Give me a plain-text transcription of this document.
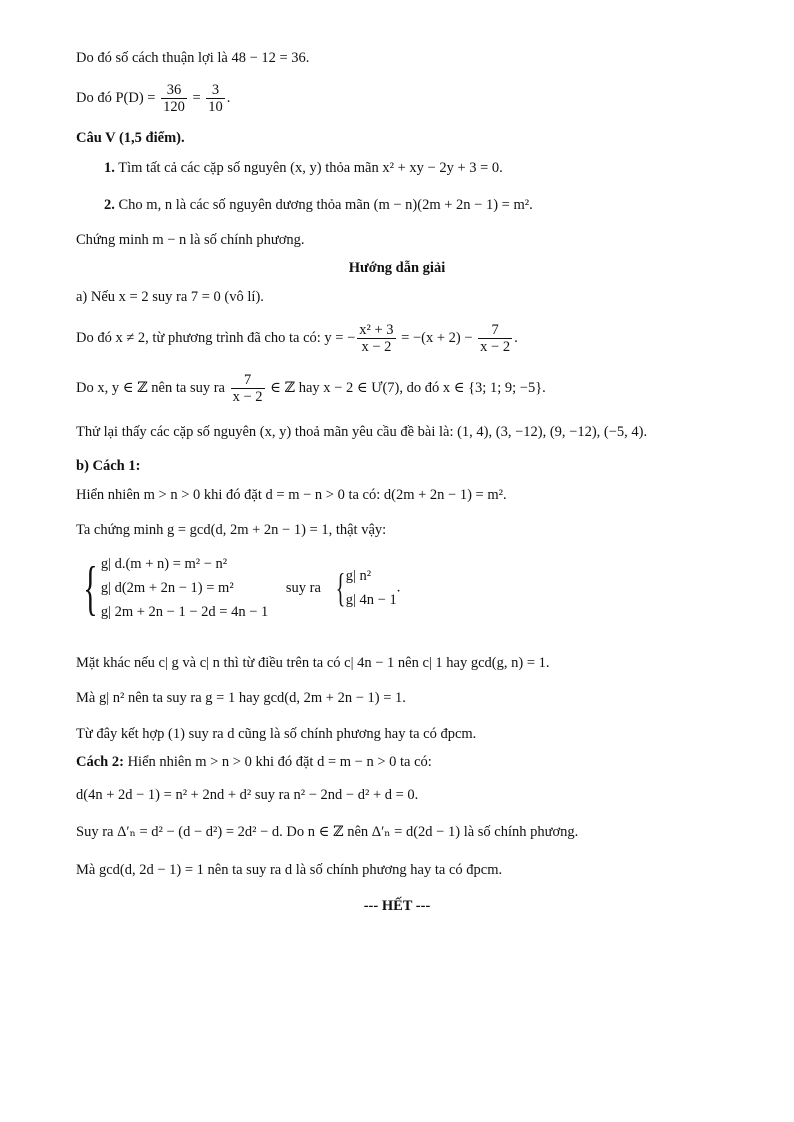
Do đó số cách thuận lợi là 48 − 12 = 36.
Do đó $P(D) = \frac{36}{120} = \frac{3}{10}$ .
Câu V (1,5 điểm).
1. Tìm tất cả các cặp số nguyên (x, y) thỏa mãn x² + xy − 2y + 3 = 0.
2. Cho m, n là các số nguyên dương thỏa mãn (m − n)(2m + 2n − 1) = m².
Chứng minh m − n là số chính phương.
Hướng dẫn giải
a) Nếu x = 2 suy ra 7 = 0 (vô lí).
Do đó x ≠ 2, từ phương trình đã cho ta có: y = − $\frac{\text{x² + 3}}{x - 2} = -(x + 2) - \frac{7}{x - 2}$ .
Do x, y ∈ ℤ nên ta suy ra $\frac{7}{x - 2}$ ∈ ℤ hay x − 2 ∈ Ư(7), do đó x ∈ {3; 1; 9; −5}.
Thử lại thấy các cặp số nguyên (x, y) thoả mãn yêu cầu đề bài là: (1, 4), (3, −12), (9, −12), (−5, 4).
b) Cách 1:
Hiển nhiên m > n > 0 khi đó đặt d = m − n > 0 ta có: d(2m + 2n − 1) = m².
Ta chứng minh g = gcd(d, 2m + 2n − 1) = 1, thật vậy:
{ g| d.(m + n) = m² − n²
g| d(2m + 2n − 1) = m²
g| 2m + 2n − 1 − 2d = 4n − 1
suy ra { g| n²
g| 4n − 1
.
Mặt khác nếu c| g và c| n thì từ điều trên ta có c| 4n − 1 nên c| 1 hay gcd(g, n) = 1.
Mà g| n² nên ta suy ra g = 1 hay gcd(d, 2m + 2n − 1) = 1.
Từ đây kết hợp (1) suy ra d cũng là số chính phương hay ta có đpcm.
Cách 2: Hiển nhiên m > n > 0 khi đó đặt d = m − n > 0 ta có:
d(4n + 2d − 1) = n² + 2nd + d² suy ra n² − 2nd − d² + d = 0.
Suy ra Δ′ₙ = d² − (d − d²) = 2d² − d. Do n ∈ ℤ nên Δ′ₙ = d(2d − 1) là số chính phương.
Mà gcd(d, 2d − 1) = 1 nên ta suy ra d là số chính phương hay ta có đpcm.
--- HẾT ---
